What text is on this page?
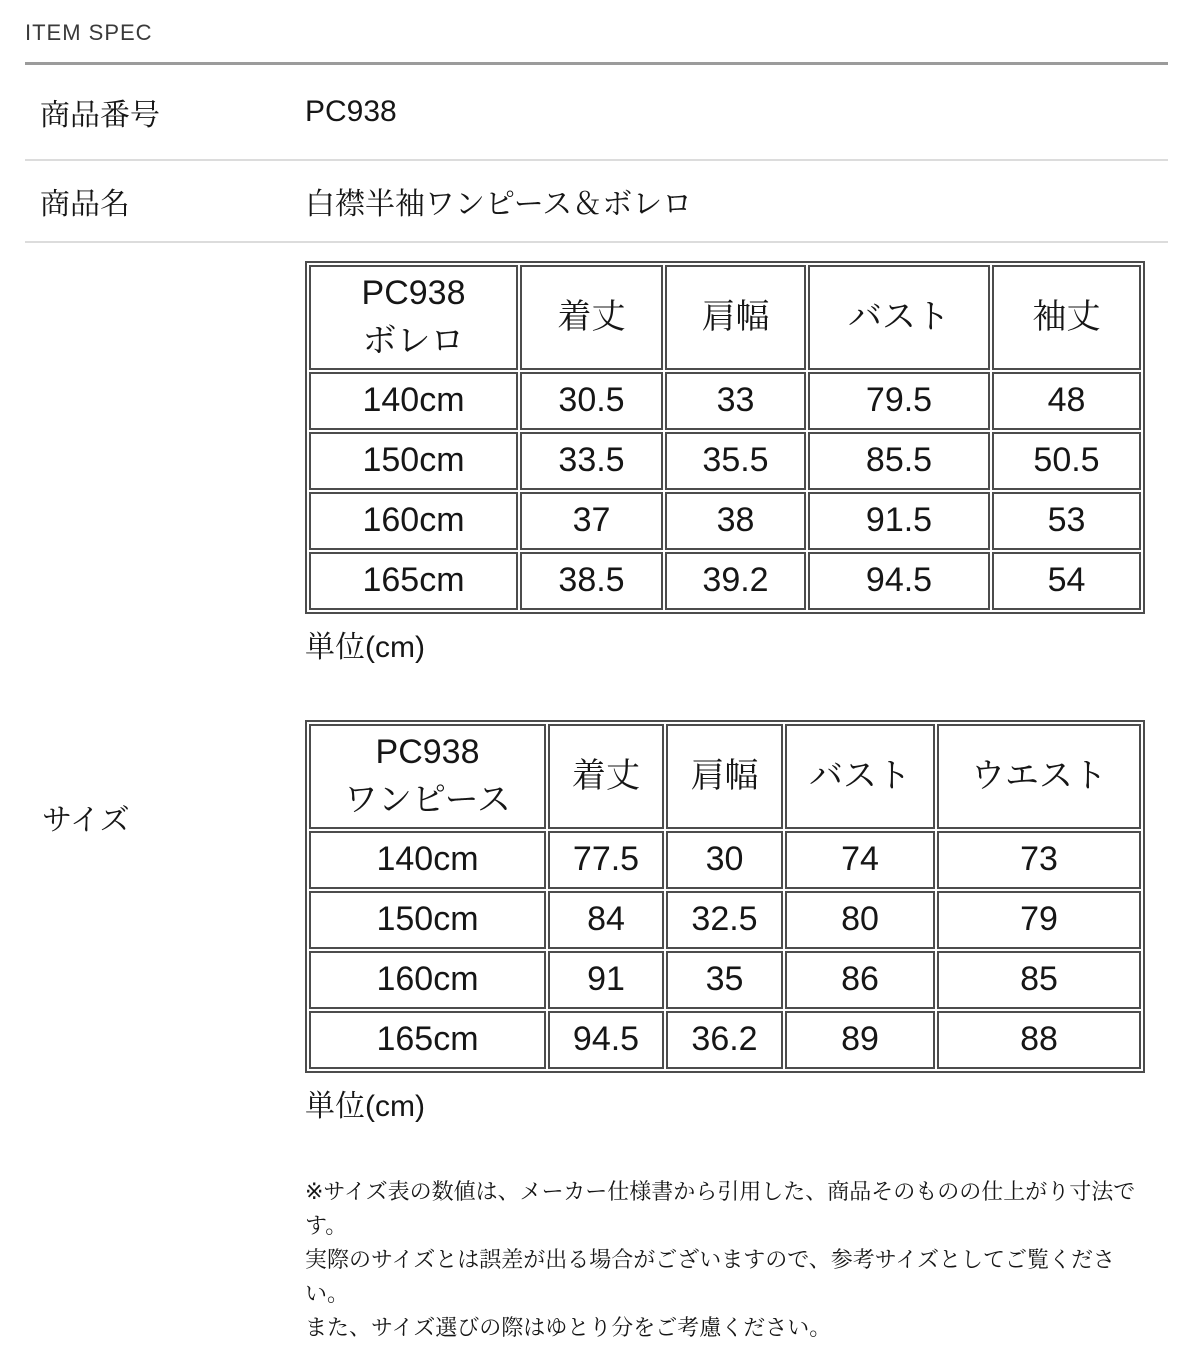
ITEM SPEC
商品番号	PC938
商品名	白襟半袖ワンピース＆ボレロ
サイズ
PC938
ボレロ	着丈	肩幅	バスト	袖丈
140cm	30.5	33	79.5	48
150cm	33.5	35.5	85.5	50.5
160cm	37	38	91.5	53
165cm	38.5	39.2	94.5	54
単位(cm)
PC938
ワンピース	着丈	肩幅	バスト	ウエスト
140cm	77.5	30	74	73
150cm	84	32.5	80	79
160cm	91	35	86	85
165cm	94.5	36.2	89	88
単位(cm)
※サイズ表の数値は、メーカー仕様書から引用した、商品そのものの仕上がり寸法です。
実際のサイズとは誤差が出る場合がございますので、参考サイズとしてご覧ください。
また、サイズ選びの際はゆとり分をご考慮ください。
